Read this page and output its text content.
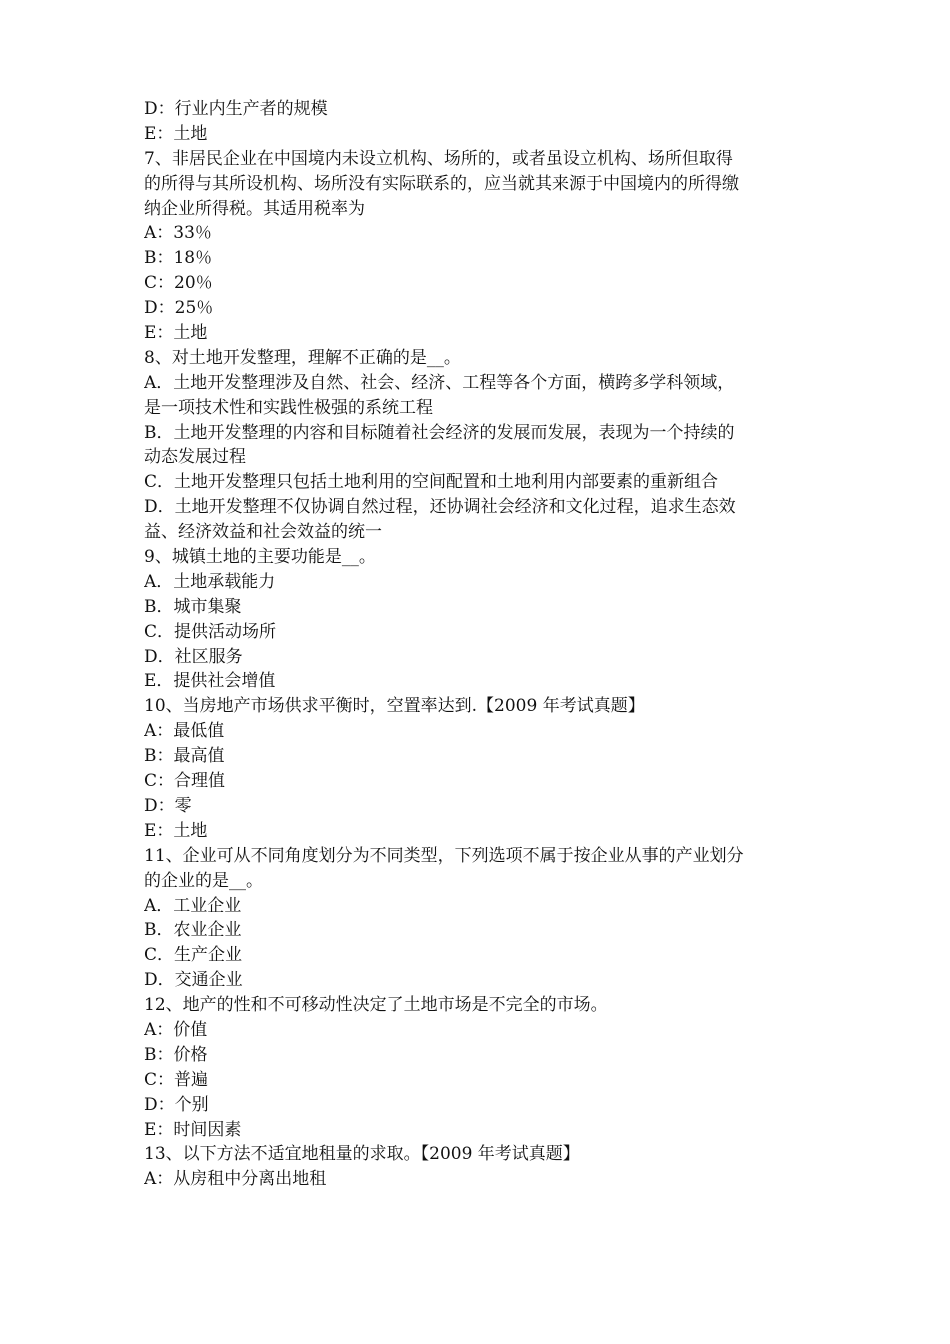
D：行业内生产者的规模
E：土地
7、非居民企业在中国境内未设立机构、场所的，或者虽设立机构、场所但取得
的所得与其所设机构、场所没有实际联系的，应当就其来源于中国境内的所得缴
纳企业所得税。其适用税率为
A：33％
B：18％
C：20％
D：25％
E：土地
8、对土地开发整理，理解不正确的是__。
A．土地开发整理涉及自然、社会、经济、工程等各个方面，横跨多学科领域，
是一项技术性和实践性极强的系统工程
B．土地开发整理的内容和目标随着社会经济的发展而发展，表现为一个持续的
动态发展过程
C．土地开发整理只包括土地利用的空间配置和土地利用内部要素的重新组合
D．土地开发整理不仅协调自然过程，还协调社会经济和文化过程，追求生态效
益、经济效益和社会效益的统一
9、城镇土地的主要功能是__。
A．土地承载能力
B．城市集聚
C．提供活动场所
D．社区服务
E．提供社会增值
10、当房地产市场供求平衡时，空置率达到.【2009 年考试真题】
A：最低值
B：最高值
C：合理值
D：零
E：土地
11、企业可从不同角度划分为不同类型，下列选项不属于按企业从事的产业划分
的企业的是__。
A．工业企业
B．农业企业
C．生产企业
D．交通企业
12、地产的性和不可移动性决定了土地市场是不完全的市场。
A：价值
B：价格
C：普遍
D：个别
E：时间因素
13、以下方法不适宜地租量的求取。【2009 年考试真题】
A：从房租中分离出地租
